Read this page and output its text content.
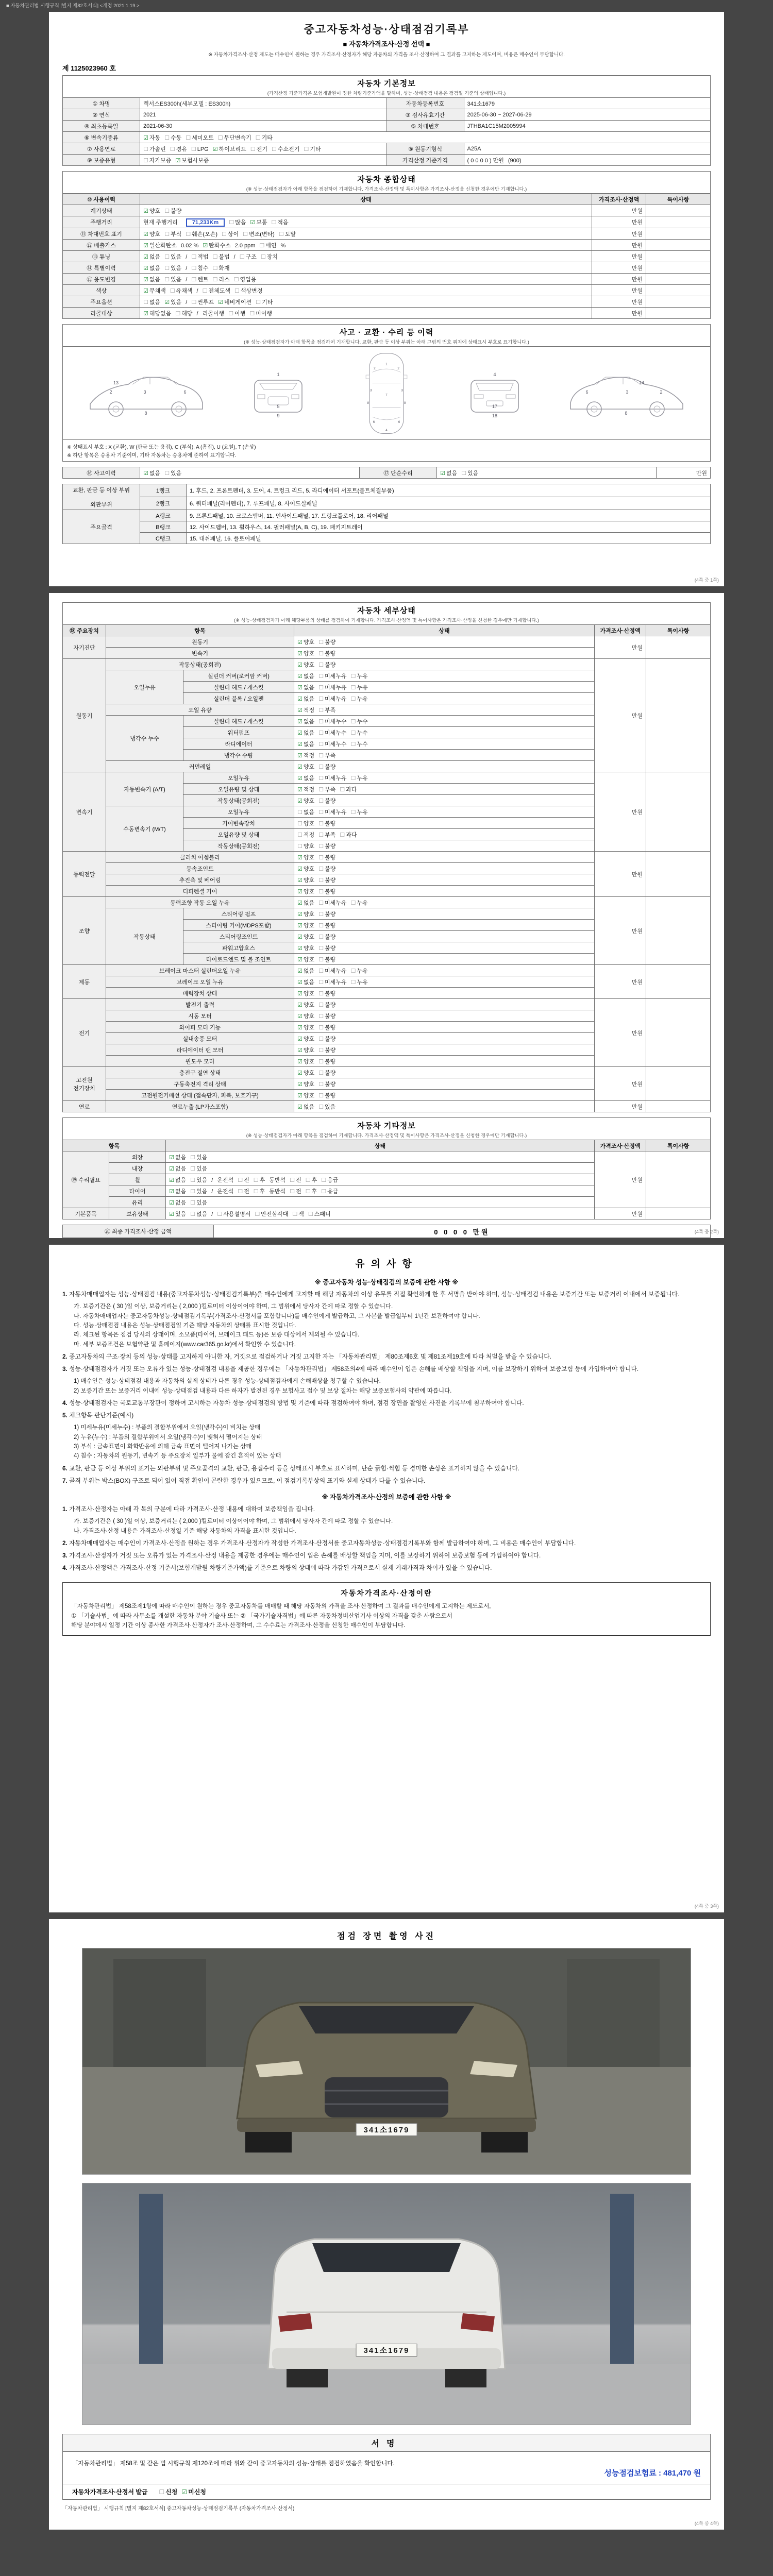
■ 자동차관리법 시행규칙 [별지 제82호서식] <개정 2021.1.19.>
중고자동차성능·상태점검기록부
■ 자동차가격조사·산정 선택 ■
※ 자동차가격조사·산정 제도는 매수인이 원하는 경우 가격조사·산정자가 해당 자동차의 가격을 조사·산정하여 그 결과를 고지하는 제도이며, 비용은 매수인이 부담합니다.
제 1125023960 호
자동차 기본정보
(가격산정 기준가격은 보험개발원이 정한 차량기준가액을 말하며, 성능·상태점검 내용은 점검일 기준의 상태입니다.)
① 차명	렉서스ES300h(세부모델 : ES300h)	자동차등록번호	341소1679
② 연식	2021	③ 검사유효기간	2025-06-30 ~ 2027-06-29
④ 최초등록일	2021-06-30	⑤ 차대번호	JTHBA1C15M2005994
⑥ 변속기종류	☑ 자동 ☐ 수동 ☐ 세미오토 ☐ 무단변속기 ☐ 기타		
⑦ 사용연료	☐ 가솔린 ☐ 경유 ☐ LPG ☑ 하이브리드 ☐ 전기 ☐ 수소전기 ☐ 기타	⑧ 원동기형식	A25A
⑨ 보증유형	☐ 자가보증 ☑ 보험사보증	가격산정 기준가격	( 0 0 0 0 ) 만원 (900)
자동차 종합상태
(※ 성능·상태점검자가 아래 항목을 점검하여 기재합니다. 가격조사·산정액 및 특이사항은 가격조사·산정을 신청한 경우에만 기재합니다.)
⑩ 사용이력	상태	가격조사·산정액	특이사항
계기상태	☑ 양호 ☐ 불량	만원	
주행거리	현재 주행거리 71,233Km ☐ 많음 ☑ 보통 ☐ 적음	만원	
⑪ 차대번호 표기	☑ 양호 ☐ 부식 ☐ 훼손(오손) ☐ 상이 ☐ 변조(변타) ☐ 도말	만원	
⑫ 배출가스	☑ 일산화탄소 0.02 % ☑ 탄화수소 2.0 ppm ☐ 매연 %	만원	
⑬ 튜닝	☑ 없음 ☐ 있음 / ☐ 적법 ☐ 불법 / ☐ 구조 ☐ 장치	만원	
⑭ 특별이력	☑ 없음 ☐ 있음 / ☐ 침수 ☐ 화재	만원	
⑮ 용도변경	☑ 없음 ☐ 있음 / ☐ 렌트 ☐ 리스 ☐ 영업용	만원	
색상	☑ 무채색 ☐ 유채색 / ☐ 전체도색 ☐ 색상변경	만원	
주요옵션	☐ 없음 ☑ 있음 / ☐ 썬루프 ☑ 네비게이션 ☐ 기타	만원	
리콜대상	☑ 해당없음 ☐ 해당 / 리콜이행 ☐ 이행 ☐ 미이행	만원	
사고 · 교환 · 수리 등 이력
(※ 성능·상태점검자가 아래 항목을 점검하여 기재합니다. 교환, 판금 등 이상 부위는 아래 그림의 번호 위치에 상태표시 부호로 표기합니다.)
2	3	6
8
13
1
5
9
1
2	2
3	3
7
8	8
6	6
4
4
17
18
2
3
6
8
14
※ 상태표시 부호 : X (교환), W (판금 또는 용접), C (부식), A (흠집), U (요철), T (손상)
※ 하단 항목은 승용차 기준이며, 기타 자동차는 승용차에 준하여 표기합니다.
⑯ 사고이력	☑ 없음 ☐ 있음	⑰ 단순수리	☑ 없음 ☐ 있음	만원
교환, 판금 등 이상 부위

외판부위	1랭크	1. 후드, 2. 프론트펜더, 3. 도어, 4. 트렁크 리드, 5. 라디에이터 서포트(볼트체결부품)
	2랭크	6. 쿼터패널(리어펜더), 7. 루프패널, 8. 사이드실패널
주요골격	A랭크	9. 프론트패널, 10. 크로스멤버, 11. 인사이드패널, 17. 트렁크플로어, 18. 리어패널
	B랭크	12. 사이드멤버, 13. 휠하우스, 14. 필러패널(A, B, C), 19. 패키지트레이
	C랭크	15. 대쉬패널, 16. 플로어패널
(4쪽 중 1쪽)
자동차 세부상태
(※ 성능·상태점검자가 아래 해당부품의 상태를 점검하여 기재합니다. 가격조사·산정액 및 특이사항은 가격조사·산정을 신청한 경우에만 기재합니다.)
⑱ 주요장치	항목		상태	가격조사·산정액	특이사항
자기진단	원동기		☑ 양호 ☐ 불량	만원	
	변속기		☑ 양호 ☐ 불량		
원동기	작동상태(공회전)		☑ 양호 ☐ 불량	만원	
	오일누유	실린더 커버(로커암 커버)	☑ 없음 ☐ 미세누유 ☐ 누유		
		실린더 헤드 / 개스킷	☑ 없음 ☐ 미세누유 ☐ 누유		
		실린더 블록 / 오일팬	☑ 없음 ☐ 미세누유 ☐ 누유		
	오일 유량		☑ 적정 ☐ 부족		
	냉각수 누수	실린더 헤드 / 개스킷	☑ 없음 ☐ 미세누수 ☐ 누수		
		워터펌프	☑ 없음 ☐ 미세누수 ☐ 누수		
		라디에이터	☑ 없음 ☐ 미세누수 ☐ 누수		
		냉각수 수량	☑ 적정 ☐ 부족		
	커먼레일		☑ 양호 ☐ 불량		
변속기	자동변속기 (A/T)	오일누유	☑ 없음 ☐ 미세누유 ☐ 누유	만원	
		오일유량 및 상태	☑ 적정 ☐ 부족 ☐ 과다		
		작동상태(공회전)	☑ 양호 ☐ 불량		
	수동변속기 (M/T)	오일누유	☐ 없음 ☐ 미세누유 ☐ 누유		
		기어변속장치	☐ 양호 ☐ 불량		
		오일유량 및 상태	☐ 적정 ☐ 부족 ☐ 과다		
		작동상태(공회전)	☐ 양호 ☐ 불량		
동력전달	클러치 어셈블리		☑ 양호 ☐ 불량	만원	
	등속조인트		☑ 양호 ☐ 불량		
	추진축 및 베어링		☑ 양호 ☐ 불량		
	디퍼렌셜 기어		☑ 양호 ☐ 불량		
조향	동력조향 작동 오일 누유		☑ 없음 ☐ 미세누유 ☐ 누유	만원	
	작동상태	스티어링 펌프	☑ 양호 ☐ 불량		
		스티어링 기어(MDPS포함)	☑ 양호 ☐ 불량		
		스티어링조인트	☑ 양호 ☐ 불량		
		파워고압호스	☑ 양호 ☐ 불량		
		타이로드엔드 및 볼 조인트	☑ 양호 ☐ 불량		
제동	브레이크 마스터 실린더오일 누유		☑ 없음 ☐ 미세누유 ☐ 누유	만원	
	브레이크 오일 누유		☑ 없음 ☐ 미세누유 ☐ 누유		
	배력장치 상태		☑ 양호 ☐ 불량		
전기	발전기 출력		☑ 양호 ☐ 불량	만원	
	시동 모터		☑ 양호 ☐ 불량		
	와이퍼 모터 기능		☑ 양호 ☐ 불량		
	실내송풍 모터		☑ 양호 ☐ 불량		
	라디에이터 팬 모터		☑ 양호 ☐ 불량		
	윈도우 모터		☑ 양호 ☐ 불량		
고전원 전기장치	충전구 절연 상태		☑ 양호 ☐ 불량	만원	
	구동축전지 격리 상태		☑ 양호 ☐ 불량		
	고전원전기배선 상태 (접속단자, 피복, 보호기구)		☑ 양호 ☐ 불량		
연료	연료누출 (LP가스포함)		☑ 없음 ☐ 있음	만원	
자동차 기타정보
(※ 성능·상태점검자가 아래 항목을 점검하여 기재합니다. 가격조사·산정액 및 특이사항은 가격조사·산정을 신청한 경우에만 기재합니다.)
항목		상태	가격조사·산정액	특이사항
⑲ 수리필요	외장	☑ 없음 ☐ 있음	만원	
	내장	☑ 없음 ☐ 있음		
	휠	☑ 없음 ☐ 있음 / 운전석 ☐ 전 ☐ 후 동반석 ☐ 전 ☐ 후 ☐ 응급		
	타이어	☑ 없음 ☐ 있음 / 운전석 ☐ 전 ☐ 후 동반석 ☐ 전 ☐ 후 ☐ 응급		
	유리	☑ 없음 ☐ 있음		
기본품목	보유상태	☑ 있음 ☐ 없음 / ☐ 사용설명서 ☐ 안전삼각대 ☐ 잭 ☐ 스패너	만원	
⑳ 최종 가격조사·산정 금액	0 0 0 0 만원

		(4쪽 중 2쪽)
유의사항
※ 중고자동차 성능·상태점검의 보증에 관한 사항 ※
1. 자동차매매업자는 성능·상태점검 내용(중고자동차성능·상태점검기록부)을 매수인에게 고지할 때 해당 자동차의 이상 유무를 직접 확인하게 한 후 서명을 받아야 하며, 성능·상태점검 내용은 보증기간 또는 보증거리 이내에서 보증됩니다.
가. 보증기간은 ( 30 )일 이상, 보증거리는 ( 2,000 )킬로미터 이상이어야 하며, 그 범위에서 당사자 간에 따로 정할 수 있습니다.
나. 자동차매매업자는 중고자동차성능·상태점검기록부(가격조사·산정서를 포함합니다)를 매수인에게 발급하고, 그 사본을 발급일부터 1년간 보관하여야 합니다.
다. 성능·상태점검 내용은 성능·상태점검일 기준 해당 자동차의 상태를 표시한 것입니다.
라. 체크된 항목은 점검 당시의 상태이며, 소모품(타이어, 브레이크 패드 등)은 보증 대상에서 제외될 수 있습니다.
마. 세부 보증조건은 보험약관 및 홈페이지(www.car365.go.kr)에서 확인할 수 있습니다.
2. 중고자동차의 구조·장치 등의 성능·상태를 고지하지 아니한 자, 거짓으로 점검하거나 거짓 고지한 자는 「자동차관리법」 제80조제6호 및 제81조제19호에 따라 처벌을 받을 수 있습니다.
3. 성능·상태점검자가 거짓 또는 오류가 있는 성능·상태점검 내용을 제공한 경우에는 「자동차관리법」 제58조의4에 따라 매수인이 입은 손해를 배상할 책임을 지며, 이를 보장하기 위하여 보증보험 등에 가입하여야 합니다.
1) 매수인은 성능·상태점검 내용과 자동차의 실제 상태가 다른 경우 성능·상태점검자에게 손해배상을 청구할 수 있습니다.
2) 보증기간 또는 보증거리 이내에 성능·상태점검 내용과 다른 하자가 발견된 경우 보험사고 접수 및 보상 절차는 해당 보증보험사의 약관에 따릅니다.
4. 성능·상태점검자는 국토교통부장관이 정하여 고시하는 자동차 성능·상태점검의 방법 및 기준에 따라 점검하여야 하며, 점검 장면을 촬영한 사진을 기록부에 첨부하여야 합니다.
5. 체크항목 판단기준(예시)
1) 미세누유(미세누수) : 부품의 결합부위에서 오일(냉각수)이 비치는 상태
2) 누유(누수) : 부품의 결합부위에서 오일(냉각수)이 맺혀서 떨어지는 상태
3) 부식 : 금속표면이 화학반응에 의해 금속 표면이 떨어져 나가는 상태
4) 침수 : 자동차의 원동기, 변속기 등 주요장치 일부가 물에 잠긴 흔적이 있는 상태
6. 교환, 판금 등 이상 부위의 표기는 외판부위 및 주요골격의 교환, 판금, 용접수리 등을 상태표시 부호로 표시하며, 단순 긁힘·찍힘 등 경미한 손상은 표기하지 않을 수 있습니다.
7. 골격 부위는 박스(BOX) 구조로 되어 있어 직접 확인이 곤란한 경우가 있으므로, 이 점검기록부상의 표기와 실제 상태가 다를 수 있습니다.
※ 자동차가격조사·산정의 보증에 관한 사항 ※
1. 가격조사·산정자는 아래 각 목의 구분에 따라 가격조사·산정 내용에 대하여 보증책임을 집니다.
가. 보증기간은 ( 30 )일 이상, 보증거리는 ( 2,000 )킬로미터 이상이어야 하며, 그 범위에서 당사자 간에 따로 정할 수 있습니다.
나. 가격조사·산정 내용은 가격조사·산정일 기준 해당 자동차의 가격을 표시한 것입니다.
2. 자동차매매업자는 매수인이 가격조사·산정을 원하는 경우 가격조사·산정자가 작성한 가격조사·산정서를 중고자동차성능·상태점검기록부와 함께 발급하여야 하며, 그 비용은 매수인이 부담합니다.
3. 가격조사·산정자가 거짓 또는 오류가 있는 가격조사·산정 내용을 제공한 경우에는 매수인이 입은 손해를 배상할 책임을 지며, 이를 보장하기 위하여 보증보험 등에 가입하여야 합니다.
4. 가격조사·산정액은 가격조사·산정 기준서(보험개발원 차량기준가액)를 기준으로 차량의 상태에 따라 가감된 가격으로서 실제 거래가격과 차이가 있을 수 있습니다.
자동차가격조사·산정이란
「자동차관리법」 제58조제1항에 따라 매수인이 원하는 경우 중고자동차를 매매할 때 해당 자동차의 가격을 조사·산정하여 그 결과를 매수인에게 고지하는 제도로서,
① 「기술사법」에 따라 사무소를 개설한 자동차 분야 기술사 또는 ② 「국가기술자격법」에 따른 자동차정비산업기사 이상의 자격을 갖춘 사람으로서
해당 분야에서 일정 기간 이상 종사한 가격조사·산정자가 조사·산정하며, 그 수수료는 가격조사·산정을 신청한 매수인이 부담합니다.
(4쪽 중 3쪽)
점검 장면 촬영 사진
341소1679
341소1679
서명
「자동차관리법」 제58조 및 같은 법 시행규칙 제120조에 따라 위와 같이 중고자동차의 성능·상태를 점검하였음을 확인합니다.
성능점검보험료 : 481,470 원
자동차가격조사·산정서 발급 ☐ 신청 ☑ 미신청
「자동차관리법」 시행규칙 [별지 제82호서식] 중고자동차성능·상태점검기록부 (자동차가격조사·산정서)
(4쪽 중 4쪽)
